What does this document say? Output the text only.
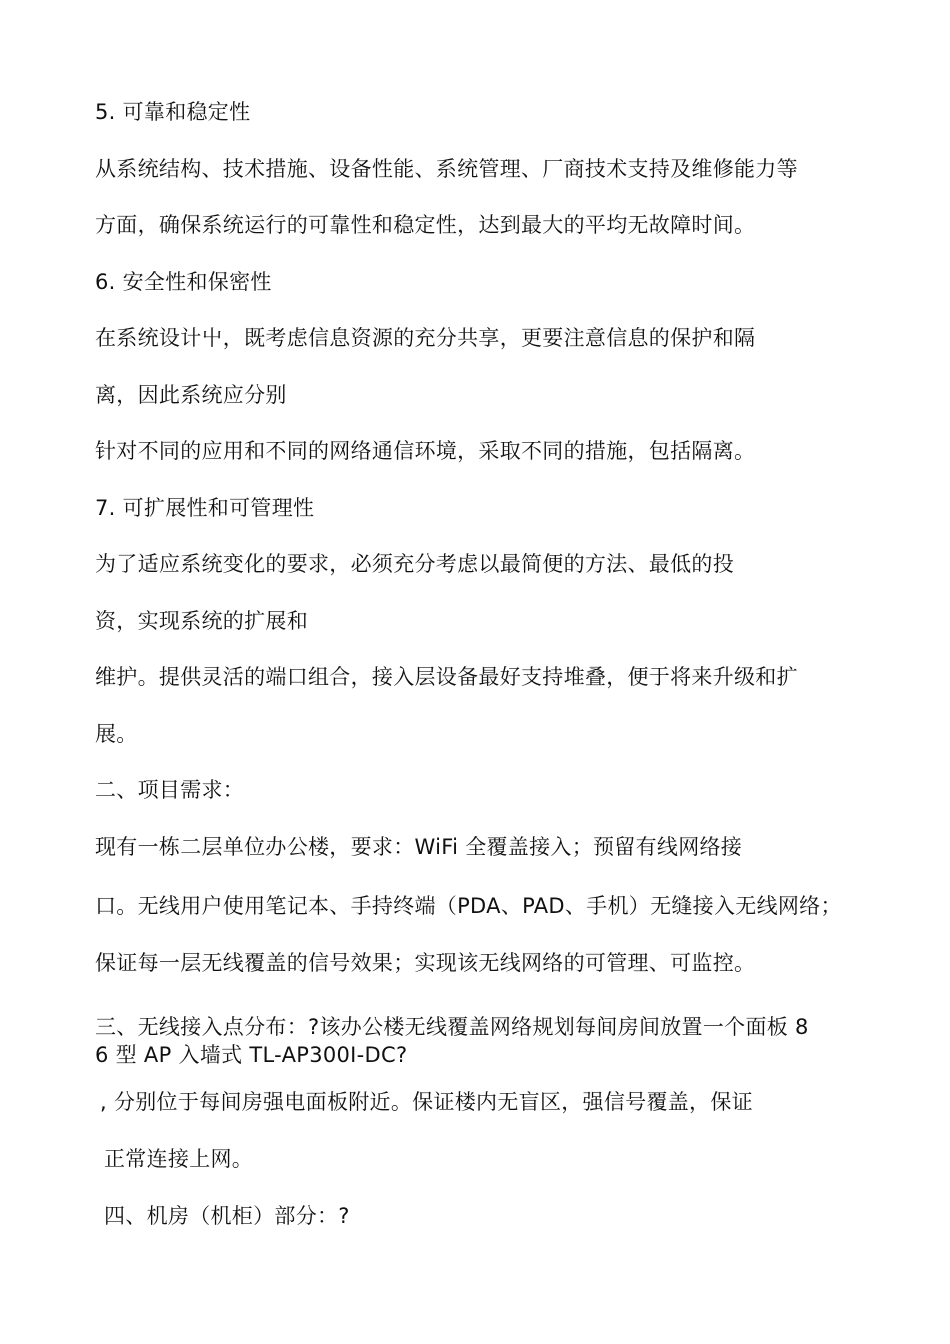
5. 可靠和稳定性
从系统结构、技术措施、设备性能、系统管理、厂商技术支持及维修能力等
方面，确保系统运行的可靠性和稳定性，达到最大的平均无故障时间。
6. 安全性和保密性
在系统设计屮，既考虑信息资源的充分共享，更要注意信息的保护和隔
离，因此系统应分别
针对不同的应用和不同的网络通信环境，采取不同的措施，包括隔离。
7. 可扩展性和可管理性
为了适应系统变化的要求，必须充分考虑以最简便的方法、最低的投
资，实现系统的扩展和
维护。提供灵活的端口组合，接入层设备最好支持堆叠，便于将来升级和扩
展。
二、项目需求：
现有一栋二层单位办公楼，要求：WiFi 全覆盖接入；预留有线网络接
口。无线用户使用笔记本、手持终端（PDA、PAD、手机）无缝接入无线网络；
保证每一层无线覆盖的信号效果；实现该无线网络的可管理、可监控。
三、无线接入点分布：?该办公楼无线覆盖网络规划每间房间放置一个面板 8
6 型 AP 入墙式 TL-AP300I-DC?
, 分别位于每间房强电面板附近。保证楼内无盲区，强信号覆盖，保证
正常连接上网。
四、机房（机柜）部分：?
